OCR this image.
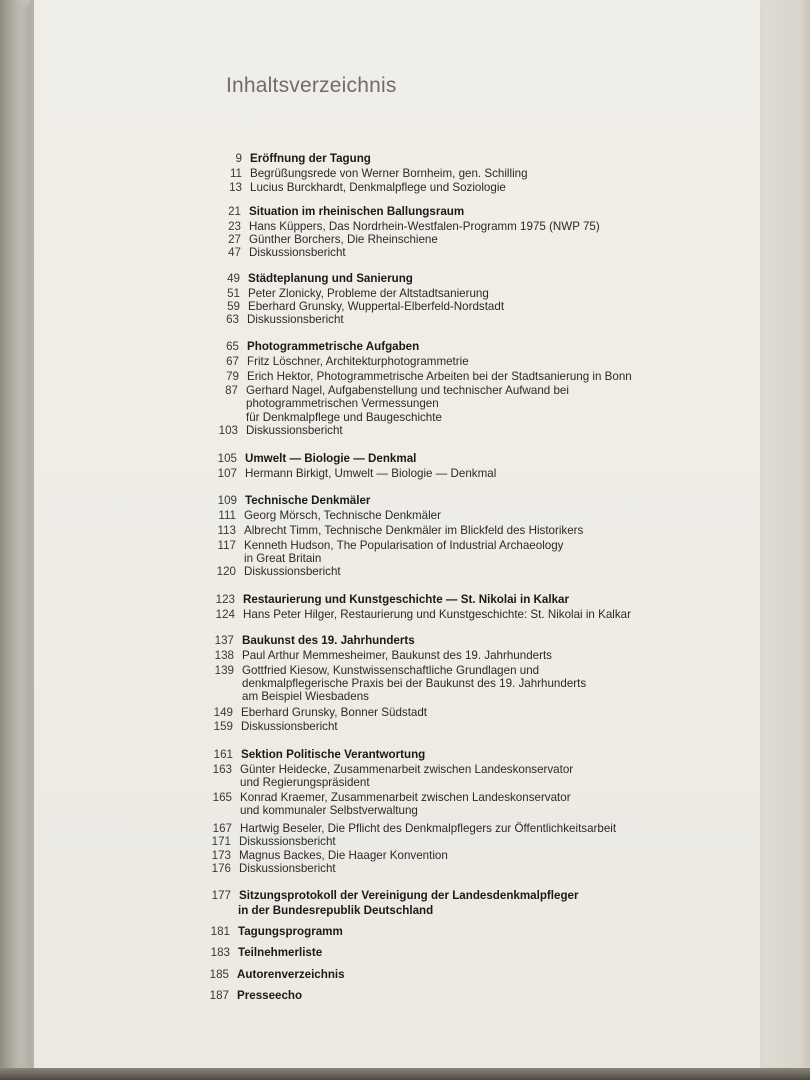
Inhaltsverzeichnis
9 Eröffnung der Tagung
11 Begrüßungsrede von Werner Bornheim, gen. Schilling
13 Lucius Burckhardt, Denkmalpflege und Soziologie
21 Situation im rheinischen Ballungsraum
23 Hans Küppers, Das Nordrhein-Westfalen-Programm 1975 (NWP 75)
27 Günther Borchers, Die Rheinschiene
47 Diskussionsbericht
49 Städteplanung und Sanierung
51 Peter Zlonicky, Probleme der Altstadtsanierung
59 Eberhard Grunsky, Wuppertal-Elberfeld-Nordstadt
63 Diskussionsbericht
65 Photogrammetrische Aufgaben
67 Fritz Löschner, Architekturphotogrammetrie
79 Erich Hektor, Photogrammetrische Arbeiten bei der Stadtsanierung in Bonn
87 Gerhard Nagel, Aufgabenstellung und technischer Aufwand bei
photogrammetrischen Vermessungen
für Denkmalpflege und Baugeschichte
103 Diskussionsbericht
105 Umwelt — Biologie — Denkmal
107 Hermann Birkigt, Umwelt — Biologie — Denkmal
109 Technische Denkmäler
111 Georg Mörsch, Technische Denkmäler
113 Albrecht Timm, Technische Denkmäler im Blickfeld des Historikers
117 Kenneth Hudson, The Popularisation of Industrial Archaeology
in Great Britain
120 Diskussionsbericht
123 Restaurierung und Kunstgeschichte — St. Nikolai in Kalkar
124 Hans Peter Hilger, Restaurierung und Kunstgeschichte: St. Nikolai in Kalkar
137 Baukunst des 19. Jahrhunderts
138 Paul Arthur Memmesheimer, Baukunst des 19. Jahrhunderts
139 Gottfried Kiesow, Kunstwissenschaftliche Grundlagen und
denkmalpflegerische Praxis bei der Baukunst des 19. Jahrhunderts
am Beispiel Wiesbadens
149 Eberhard Grunsky, Bonner Südstadt
159 Diskussionsbericht
161 Sektion Politische Verantwortung
163 Günter Heidecke, Zusammenarbeit zwischen Landeskonservator
und Regierungspräsident
165 Konrad Kraemer, Zusammenarbeit zwischen Landeskonservator
und kommunaler Selbstverwaltung
167 Hartwig Beseler, Die Pflicht des Denkmalpflegers zur Öffentlichkeitsarbeit
171 Diskussionsbericht
173 Magnus Backes, Die Haager Konvention
176 Diskussionsbericht
177 Sitzungsprotokoll der Vereinigung der Landesdenkmalpfleger
in der Bundesrepublik Deutschland
181 Tagungsprogramm
183 Teilnehmerliste
185 Autorenverzeichnis
187 Presseecho
